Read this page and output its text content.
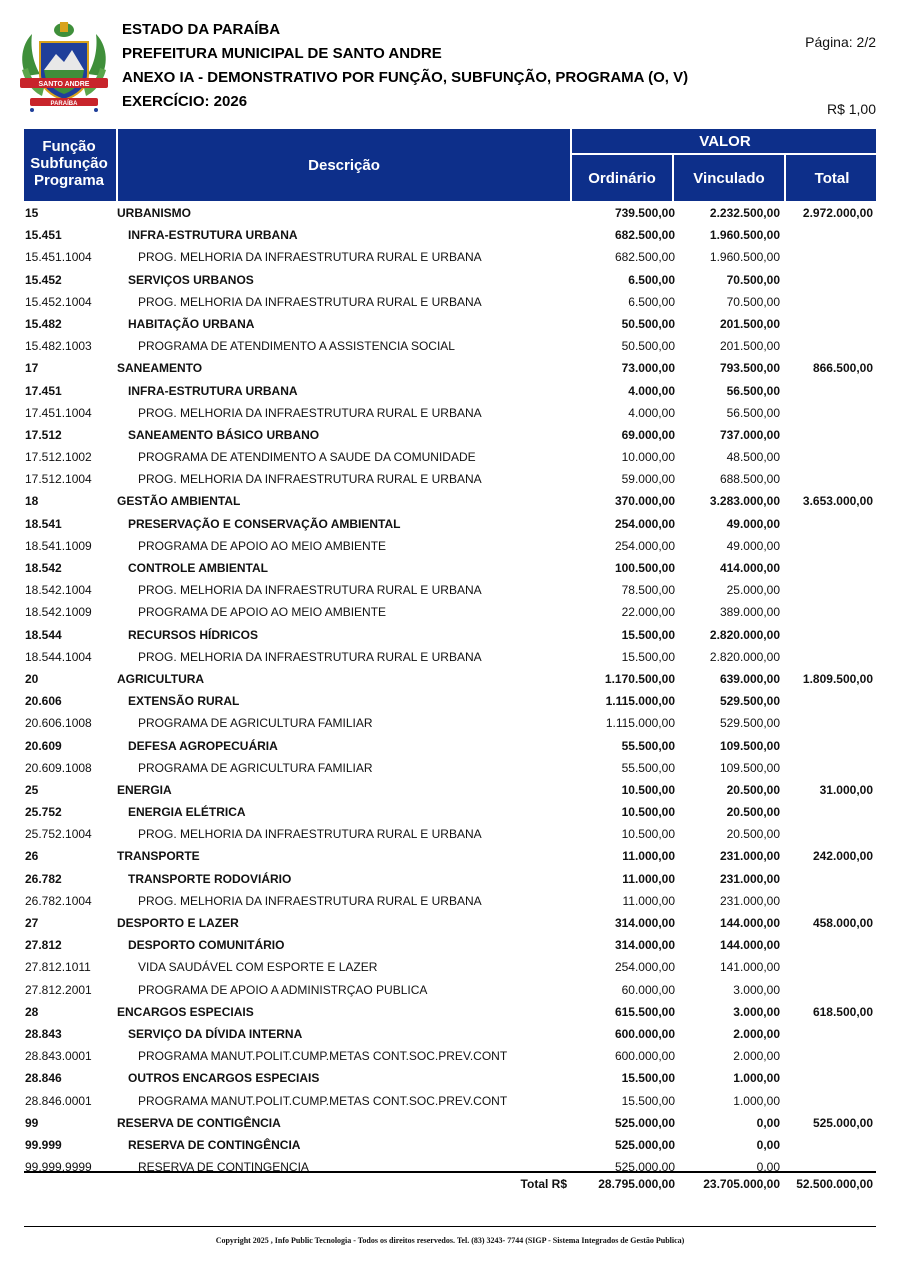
SANTO ANDRE
PARAÍBA
ESTADO DA PARAÍBA
PREFEITURA MUNICIPAL DE SANTO ANDRE
ANEXO IA - DEMONSTRATIVO POR FUNÇÃO, SUBFUNÇÃO, PROGRAMA (O, V)
EXERCÍCIO: 2026
Página: 2/2
R$ 1,00
Função
Subfunção
Programa
Descrição
VALOR
Ordinário	Vinculado	Total
15	URBANISMO	739.500,00	2.232.500,00 2.972.000,00
15.451	INFRA-ESTRUTURA URBANA	682.500,00	1.960.500,00
15.451.1004	PROG. MELHORIA DA INFRAESTRUTURA RURAL E URBANA	682.500,00	1.960.500,00
15.452	SERVIÇOS URBANOS	6.500,00	70.500,00
15.452.1004	PROG. MELHORIA DA INFRAESTRUTURA RURAL E URBANA	6.500,00	70.500,00
15.482	HABITAÇÃO URBANA	50.500,00	201.500,00
15.482.1003	PROGRAMA DE ATENDIMENTO A ASSISTENCIA SOCIAL	50.500,00	201.500,00
17	SANEAMENTO	73.000,00	793.500,00	866.500,00
17.451	INFRA-ESTRUTURA URBANA	4.000,00	56.500,00
17.451.1004	PROG. MELHORIA DA INFRAESTRUTURA RURAL E URBANA	4.000,00	56.500,00
17.512	SANEAMENTO BÁSICO URBANO	69.000,00	737.000,00
17.512.1002	PROGRAMA DE ATENDIMENTO A SAUDE DA COMUNIDADE	10.000,00	48.500,00
17.512.1004	PROG. MELHORIA DA INFRAESTRUTURA RURAL E URBANA	59.000,00	688.500,00
18	GESTÃO AMBIENTAL	370.000,00	3.283.000,00 3.653.000,00
18.541	PRESERVAÇÃO E CONSERVAÇÃO AMBIENTAL	254.000,00	49.000,00
18.541.1009	PROGRAMA DE APOIO AO MEIO AMBIENTE	254.000,00	49.000,00
18.542	CONTROLE AMBIENTAL	100.500,00	414.000,00
18.542.1004	PROG. MELHORIA DA INFRAESTRUTURA RURAL E URBANA	78.500,00	25.000,00
18.542.1009	PROGRAMA DE APOIO AO MEIO AMBIENTE	22.000,00	389.000,00
18.544	RECURSOS HÍDRICOS	15.500,00	2.820.000,00
18.544.1004	PROG. MELHORIA DA INFRAESTRUTURA RURAL E URBANA	15.500,00	2.820.000,00
20	AGRICULTURA	1.170.500,00	639.000,00 1.809.500,00
20.606	EXTENSÃO RURAL	1.115.000,00	529.500,00
20.606.1008	PROGRAMA DE AGRICULTURA FAMILIAR	1.115.000,00	529.500,00
20.609	DEFESA AGROPECUÁRIA	55.500,00	109.500,00
20.609.1008	PROGRAMA DE AGRICULTURA FAMILIAR	55.500,00	109.500,00
25	ENERGIA	10.500,00	20.500,00	31.000,00
25.752	ENERGIA ELÉTRICA	10.500,00	20.500,00
25.752.1004	PROG. MELHORIA DA INFRAESTRUTURA RURAL E URBANA	10.500,00	20.500,00
26	TRANSPORTE	11.000,00	231.000,00	242.000,00
26.782	TRANSPORTE RODOVIÁRIO	11.000,00	231.000,00
26.782.1004	PROG. MELHORIA DA INFRAESTRUTURA RURAL E URBANA	11.000,00	231.000,00
27	DESPORTO E LAZER	314.000,00	144.000,00	458.000,00
27.812	DESPORTO COMUNITÁRIO	314.000,00	144.000,00
27.812.1011	VIDA SAUDÁVEL COM ESPORTE E LAZER	254.000,00	141.000,00
27.812.2001	PROGRAMA DE APOIO A ADMINISTRÇAO PUBLICA	60.000,00	3.000,00
28	ENCARGOS ESPECIAIS	615.500,00	3.000,00	618.500,00
28.843	SERVIÇO DA DÍVIDA INTERNA	600.000,00	2.000,00
28.843.0001	PROGRAMA MANUT.POLIT.CUMP.METAS CONT.SOC.PREV.CONT	600.000,00	2.000,00
28.846	OUTROS ENCARGOS ESPECIAIS	15.500,00	1.000,00
28.846.0001	PROGRAMA MANUT.POLIT.CUMP.METAS CONT.SOC.PREV.CONT	15.500,00	1.000,00
99	RESERVA DE CONTIGÊNCIA	525.000,00	0,00	525.000,00
99.999	RESERVA DE CONTINGÊNCIA	525.000,00	0,00
99.999.9999	RESERVA DE CONTINGENCIA	525.000,00	0,00
Total R$	28.795.000,00 23.705.000,00 52.500.000,00
Copyright 2025 , Info Public Tecnologia - Todos os direitos reservedos. Tel. (83) 3243- 7744 (SIGP - Sistema Integrados de Gestão Publica)
